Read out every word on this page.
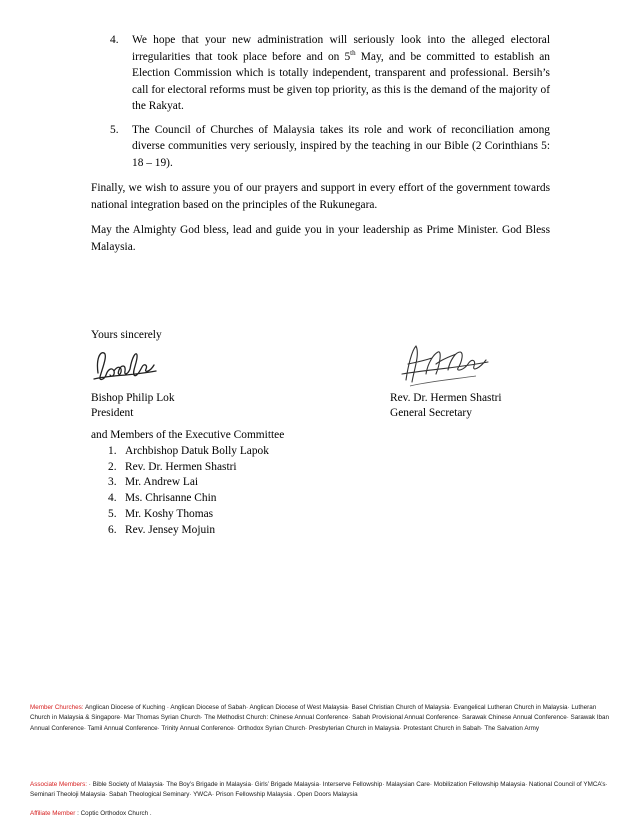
4. We hope that your new administration will seriously look into the alleged electoral irregularities that took place before and on 5th May, and be committed to establish an Election Commission which is totally independent, transparent and professional. Bersih’s call for electoral reforms must be given top priority, as this is the demand of the majority of the Rakyat.
5. The Council of Churches of Malaysia takes its role and work of reconciliation among diverse communities very seriously, inspired by the teaching in our Bible (2 Corinthians 5: 18 – 19).
Finally, we wish to assure you of our prayers and support in every effort of the government towards national integration based on the principles of the Rukunegara.
May the Almighty God bless, lead and guide you in your leadership as Prime Minister. God Bless Malaysia.
Yours sincerely
Bishop Philip Lok
President
Rev. Dr. Hermen Shastri
General Secretary
and Members of the Executive Committee
1. Archbishop Datuk Bolly Lapok
2. Rev. Dr. Hermen Shastri
3. Mr. Andrew Lai
4. Ms. Chrisanne Chin
5. Mr. Koshy Thomas
6. Rev. Jensey Mojuin
Member Churches: Anglican Diocese of Kuching · Anglican Diocese of Sabah· Anglican Diocese of West Malaysia· Basel Christian Church of Malaysia· Evangelical Lutheran Church in Malaysia· Lutheran Church in Malaysia & Singapore· Mar Thomas Syrian Church· The Methodist Church: Chinese Annual Conference· Sabah Provisional Annual Conference· Sarawak Chinese Annual Conference· Sarawak Iban Annual Conference· Tamil Annual Conference· Trinity Annual Conference· Orthodox Syrian Church· Presbyterian Church in Malaysia· Protestant Church in Sabah· The Salvation Army
Associate Members: · Bible Society of Malaysia· The Boy’s Brigade in Malaysia· Girls’ Brigade Malaysia· Interserve Fellowship· Malaysian Care· Mobilization Fellowship Malaysia· National Council of YMCA’s· Seminari Theoloji Malaysia· Sabah Theological Seminary· YWCA· Prison Fellowship Malaysia . Open Doors Malaysia
Affiliate Member : Coptic Orthodox Church .
